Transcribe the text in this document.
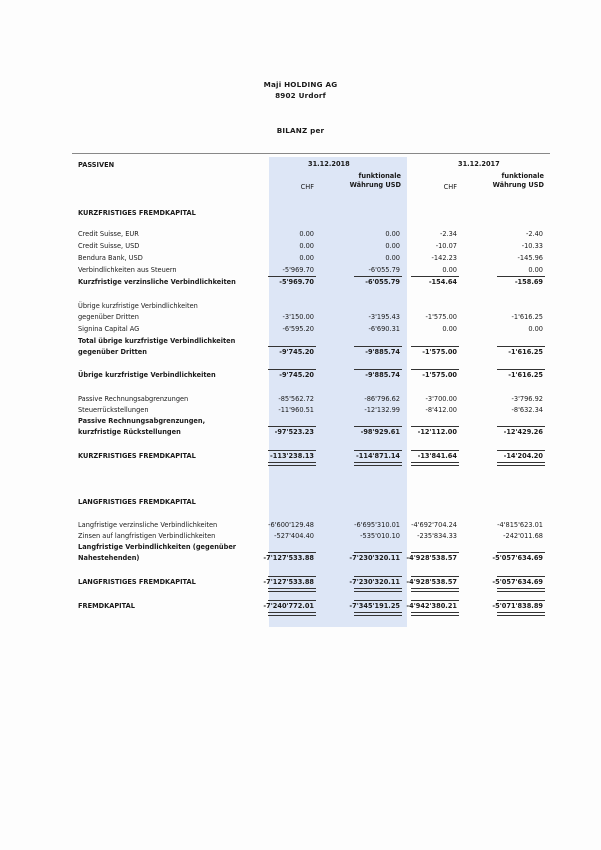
Maji HOLDING AG
8902 Urdorf
BILANZ per
PASSIVEN	31.12.2018	31.12.2017
funktionale	funktionale
CHF	Währung USD	CHF	Währung USD
KURZFRISTIGES FREMDKAPITAL
Credit Suisse, EUR	0.00	0.00	-2.34	-2.40
Credit Suisse, USD	0.00	0.00	-10.07	-10.33
Bendura Bank, USD	0.00	0.00	-142.23	-145.96
Verbindlichkeiten aus Steuern	-5'969.70	-6'055.79	0.00	0.00
Kurzfristige verzinsliche Verbindlichkeiten	-5'969.70	-6'055.79	-154.64	-158.69
Übrige kurzfristige Verbindlichkeiten
gegenüber Dritten	-3'150.00	-3'195.43	-1'575.00	-1'616.25
Signina Capital AG	-6'595.20	-6'690.31	0.00	0.00
Total übrige kurzfristige Verbindlichkeiten
gegenüber Dritten	-9'745.20	-9'885.74	-1'575.00	-1'616.25
Übrige kurzfristige Verbindlichkeiten	-9'745.20	-9'885.74	-1'575.00	-1'616.25
Passive Rechnungsabgrenzungen	-85'562.72	-86'796.62	-3'700.00	-3'796.92
Steuerrückstellungen	-11'960.51	-12'132.99	-8'412.00	-8'632.34
Passive Rechnungsabgrenzungen,
kurzfristige Rückstellungen	-97'523.23	-98'929.61	-12'112.00	-12'429.26
KURZFRISTIGES FREMDKAPITAL	-113'238.13	-114'871.14	-13'841.64	-14'204.20
LANGFRISTIGES FREMDKAPITAL
Langfristige verzinsliche Verbindlichkeiten	-6'600'129.48	-6'695'310.01	-4'692'704.24	-4'815'623.01
Zinsen auf langfristigen Verbindlichkeiten	-527'404.40	-535'010.10	-235'834.33	-242'011.68
Langfristige Verbindlichkeiten (gegenüber
Nahestehenden)	-7'127'533.88	-7'230'320.11 -4'928'538.57	-5'057'634.69
LANGFRISTIGES FREMDKAPITAL	-7'127'533.88	-7'230'320.11 -4'928'538.57	-5'057'634.69
FREMDKAPITAL	-7'240'772.01	-7'345'191.25 -4'942'380.21	-5'071'838.89
